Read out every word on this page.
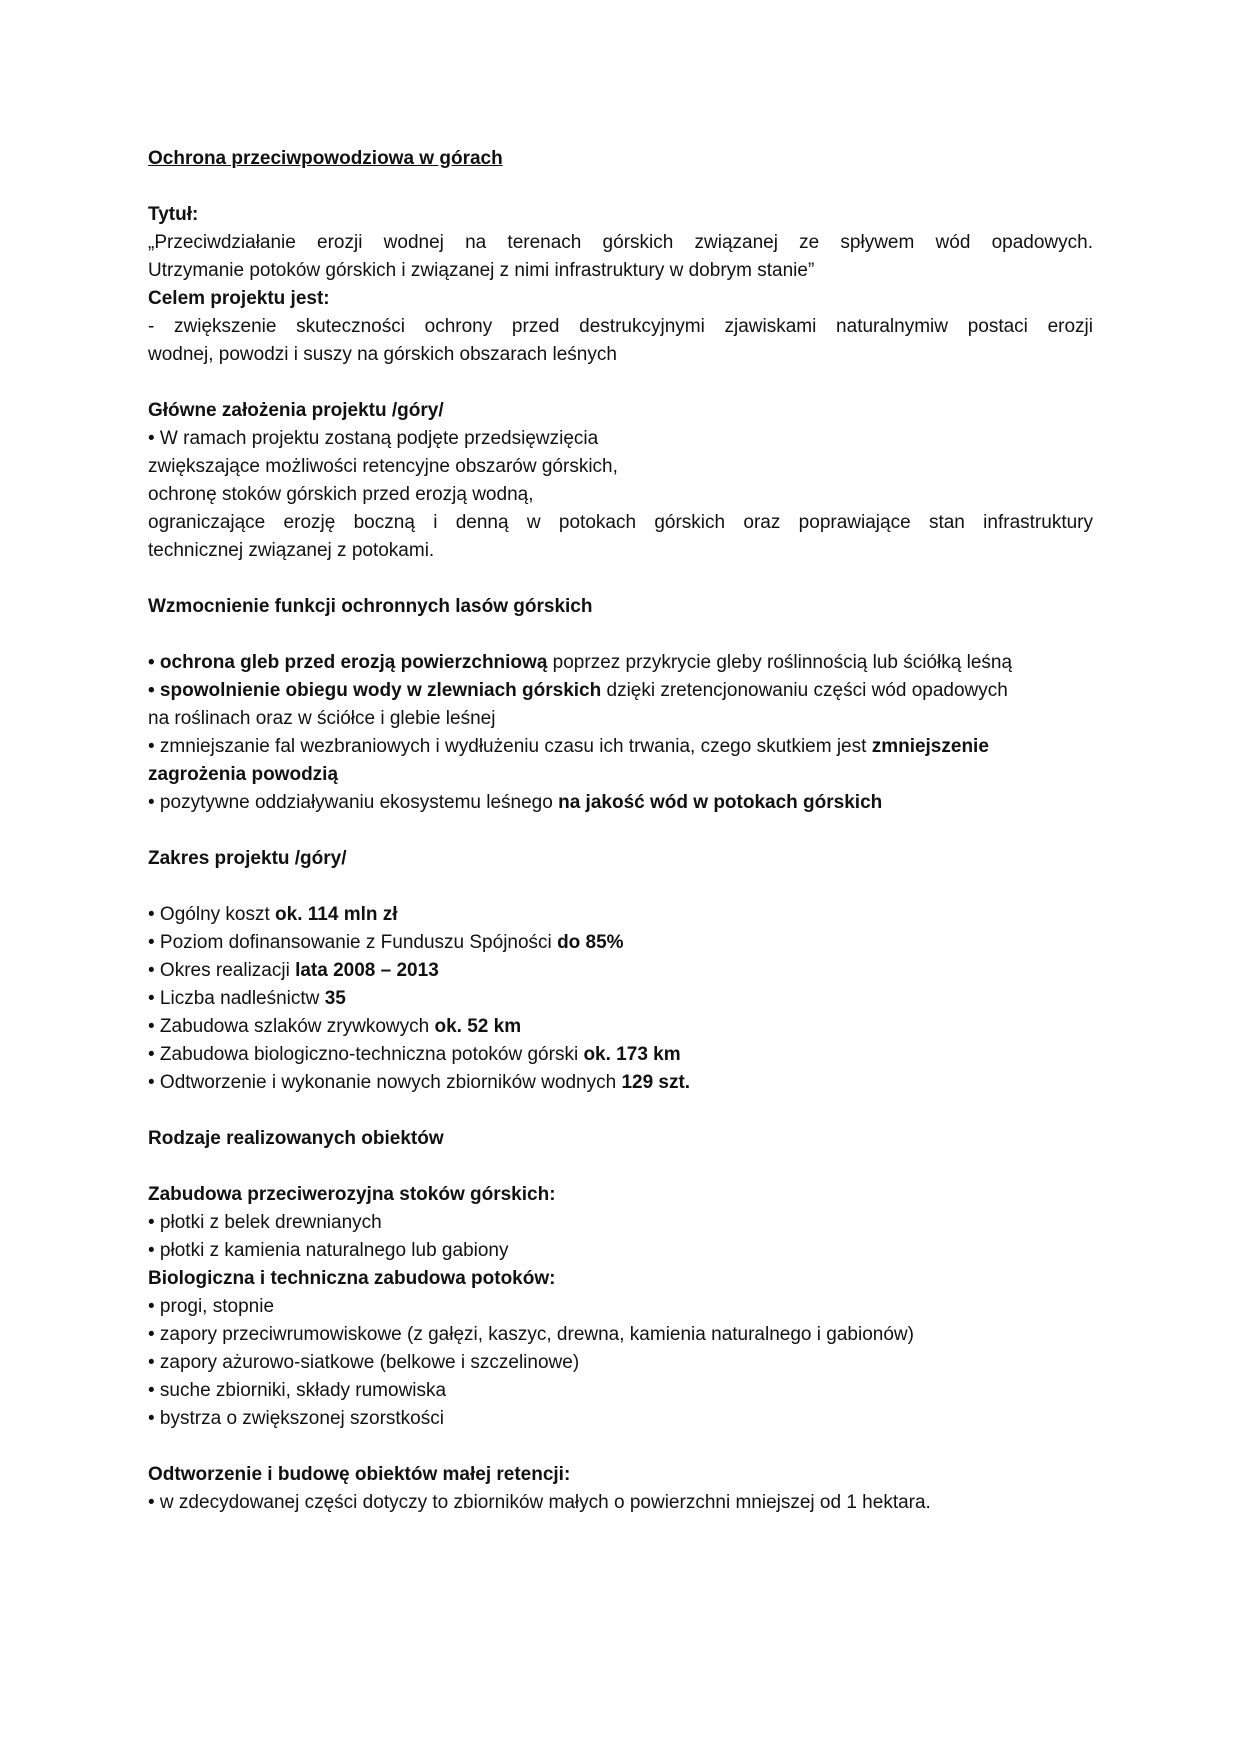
Ochrona przeciwpowodziowa w górach
Tytuł:
„Przeciwdziałanie erozji wodnej na terenach górskich związanej ze spływem wód opadowych.
Utrzymanie potoków górskich i związanej z nimi infrastruktury w dobrym stanie”
Celem projektu jest:
- zwiększenie skuteczności ochrony przed destrukcyjnymi zjawiskami naturalnymiw postaci erozji
wodnej, powodzi i suszy na górskich obszarach leśnych
Główne założenia projektu /góry/
• W ramach projektu zostaną podjęte przedsięwzięcia
zwiększające możliwości retencyjne obszarów górskich,
ochronę stoków górskich przed erozją wodną,
ograniczające erozję boczną i denną w potokach górskich oraz poprawiające stan infrastruktury
technicznej związanej z potokami.
Wzmocnienie funkcji ochronnych lasów górskich
• ochrona gleb przed erozją powierzchniową poprzez przykrycie gleby roślinnością lub ściółką leśną
• spowolnienie obiegu wody w zlewniach górskich dzięki zretencjonowaniu części wód opadowych
na roślinach oraz w ściółce i glebie leśnej
• zmniejszanie fal wezbraniowych i wydłużeniu czasu ich trwania, czego skutkiem jest zmniejszenie
zagrożenia powodzią
• pozytywne oddziaływaniu ekosystemu leśnego na jakość wód w potokach górskich
Zakres projektu /góry/
• Ogólny koszt ok. 114 mln zł
• Poziom dofinansowanie z Funduszu Spójności do 85%
• Okres realizacji lata 2008 – 2013
• Liczba nadleśnictw 35
• Zabudowa szlaków zrywkowych ok. 52 km
• Zabudowa biologiczno-techniczna potoków górski ok. 173 km
• Odtworzenie i wykonanie nowych zbiorników wodnych 129 szt.
Rodzaje realizowanych obiektów
Zabudowa przeciwerozyjna stoków górskich:
• płotki z belek drewnianych
• płotki z kamienia naturalnego lub gabiony
Biologiczna i techniczna zabudowa potoków:
• progi, stopnie
• zapory przeciwrumowiskowe (z gałęzi, kaszyc, drewna, kamienia naturalnego i gabionów)
• zapory ażurowo-siatkowe (belkowe i szczelinowe)
• suche zbiorniki, składy rumowiska
• bystrza o zwiększonej szorstkości
Odtworzenie i budowę obiektów małej retencji:
• w zdecydowanej części dotyczy to zbiorników małych o powierzchni mniejszej od 1 hektara.
